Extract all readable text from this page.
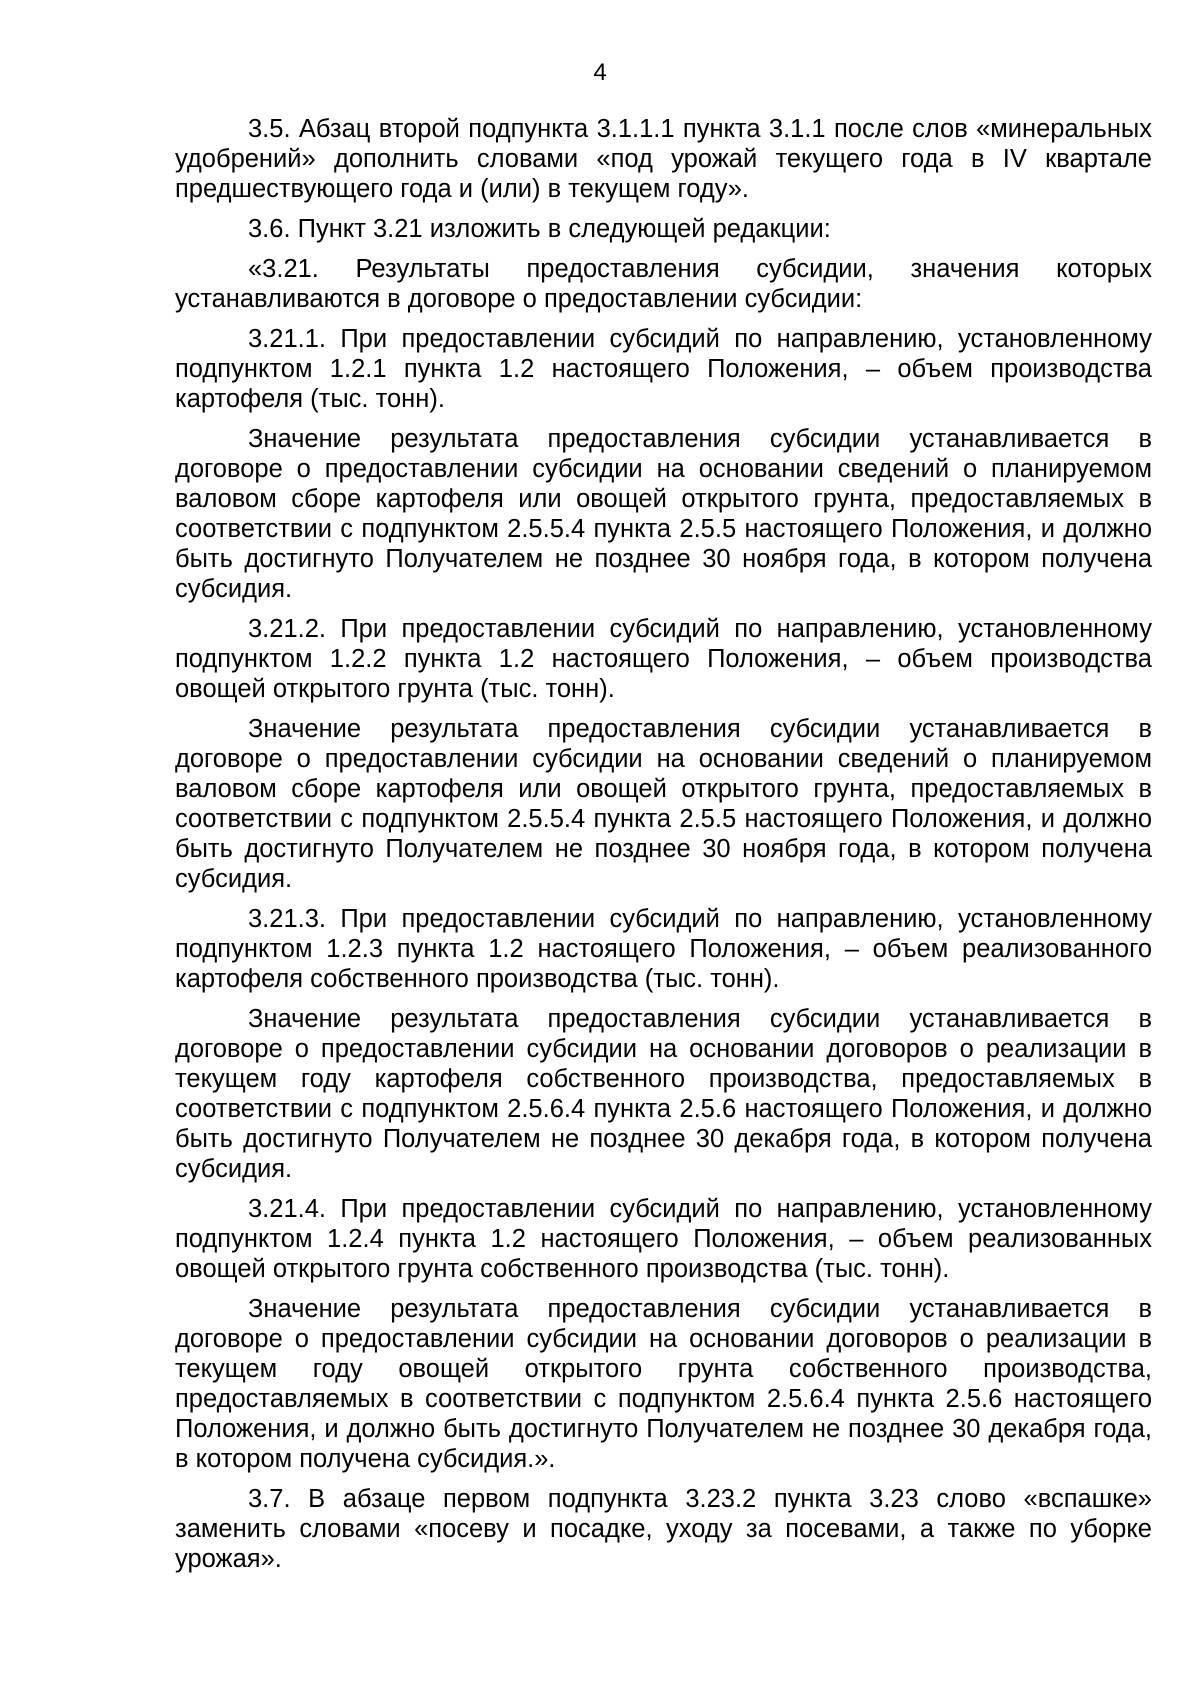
4

3.5. Абзац второй подпункта 3.1.1.1 пункта 3.1.1 после слов «минеральных удобрений» дополнить словами «под урожай текущего года в IV квартале предшествующего года и (или) в текущем году».

3.6. Пункт 3.21 изложить в следующей редакции:

«3.21. Результаты предоставления субсидии, значения которых устанавливаются в договоре о предоставлении субсидии:

3.21.1. При предоставлении субсидий по направлению, установленному подпунктом 1.2.1 пункта 1.2 настоящего Положения, – объем производства картофеля (тыс. тонн).

Значение результата предоставления субсидии устанавливается в договоре о предоставлении субсидии на основании сведений о планируемом валовом сборе картофеля или овощей открытого грунта, предоставляемых в соответствии с подпунктом 2.5.5.4 пункта 2.5.5 настоящего Положения, и должно быть достигнуто Получателем не позднее 30 ноября года, в котором получена субсидия.

3.21.2. При предоставлении субсидий по направлению, установленному подпунктом 1.2.2 пункта 1.2 настоящего Положения, – объем производства овощей открытого грунта (тыс. тонн).

Значение результата предоставления субсидии устанавливается в договоре о предоставлении субсидии на основании сведений о планируемом валовом сборе картофеля или овощей открытого грунта, предоставляемых в соответствии с подпунктом 2.5.5.4 пункта 2.5.5 настоящего Положения, и должно быть достигнуто Получателем не позднее 30 ноября года, в котором получена субсидия.

3.21.3. При предоставлении субсидий по направлению, установленному подпунктом 1.2.3 пункта 1.2 настоящего Положения, – объем реализованного картофеля собственного производства (тыс. тонн).

Значение результата предоставления субсидии устанавливается в договоре о предоставлении субсидии на основании договоров о реализации в текущем году картофеля собственного производства, предоставляемых в соответствии с подпунктом 2.5.6.4 пункта 2.5.6 настоящего Положения, и должно быть достигнуто Получателем не позднее 30 декабря года, в котором получена субсидия.

3.21.4. При предоставлении субсидий по направлению, установленному подпунктом 1.2.4 пункта 1.2 настоящего Положения, – объем реализованных овощей открытого грунта собственного производства (тыс. тонн).

Значение результата предоставления субсидии устанавливается в договоре о предоставлении субсидии на основании договоров о реализации в текущем году овощей открытого грунта собственного производства, предоставляемых в соответствии с подпунктом 2.5.6.4 пункта 2.5.6 настоящего Положения, и должно быть достигнуто Получателем не позднее 30 декабря года, в котором получена субсидия.».

3.7. В абзаце первом подпункта 3.23.2 пункта 3.23 слово «вспашке» заменить словами «посеву и посадке, уходу за посевами, а также по уборке урожая».
